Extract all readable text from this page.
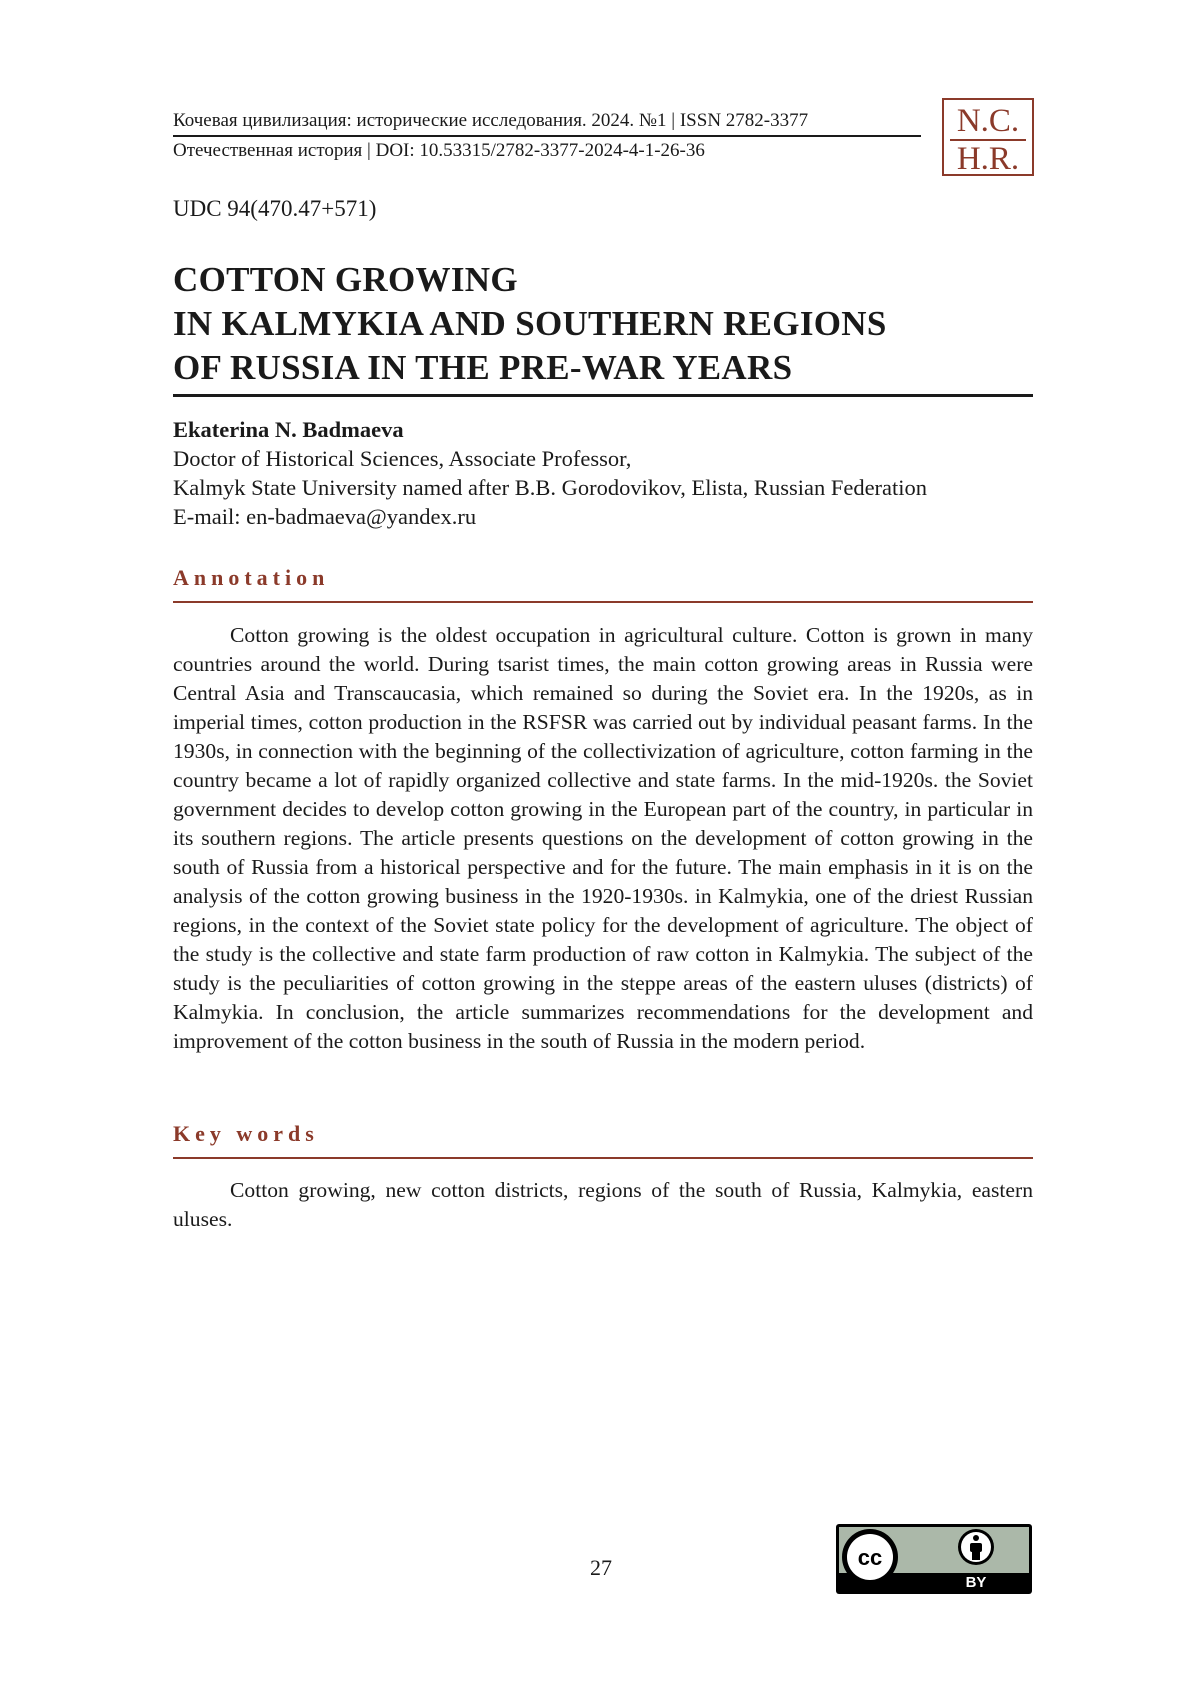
Кочевая цивилизация: исторические исследования. 2024. №1 | ISSN 2782-3377
Отечественная история | DOI: 10.53315/2782-3377-2024-4-1-26-36
N.C.
H.R.
UDC 94(470.47+571)
COTTON GROWING
IN KALMYKIA AND SOUTHERN REGIONS
OF RUSSIA IN THE PRE-WAR YEARS
Ekaterina N. Badmaeva
Doctor of Historical Sciences, Associate Professor,
Kalmyk State University named after B.B. Gorodovikov, Elista, Russian Federation
E-mail: en-badmaeva@yandex.ru
Annotation

Cotton growing is the oldest occupation in agricultural culture. Cotton is grown in many countries around the world. During tsarist times, the main cotton growing areas in Russia were Central Asia and Transcaucasia, which remained so during the Soviet era. In the 1920s, as in imperial times, cotton production in the RSFSR was carried out by individual peasant farms. In the 1930s, in connection with the beginning of the collectivization of agriculture, cotton farming in the country became a lot of rapidly organized collective and state farms. In the mid-1920s. the Soviet government decides to develop cotton growing in the European part of the country, in particular in its southern regions. The article presents questions on the development of cotton growing in the south of Russia from a historical perspective and for the future. The main emphasis in it is on the analysis of the cotton growing business in the 1920-1930s. in Kalmykia, one of the driest Russian regions, in the context of the Soviet state policy for the development of agriculture. The object of the study is the collective and state farm production of raw cotton in Kalmykia. The subject of the study is the peculiarities of cotton growing in the steppe areas of the eastern uluses (districts) of Kalmykia. In conclusion, the article summarizes recommendations for the development and improvement of the cotton business in the south of Russia in the modern period.

Key words

Cotton growing, new cotton districts, regions of the south of Russia, Kalmykia, eastern uluses.

27	cc
BY
